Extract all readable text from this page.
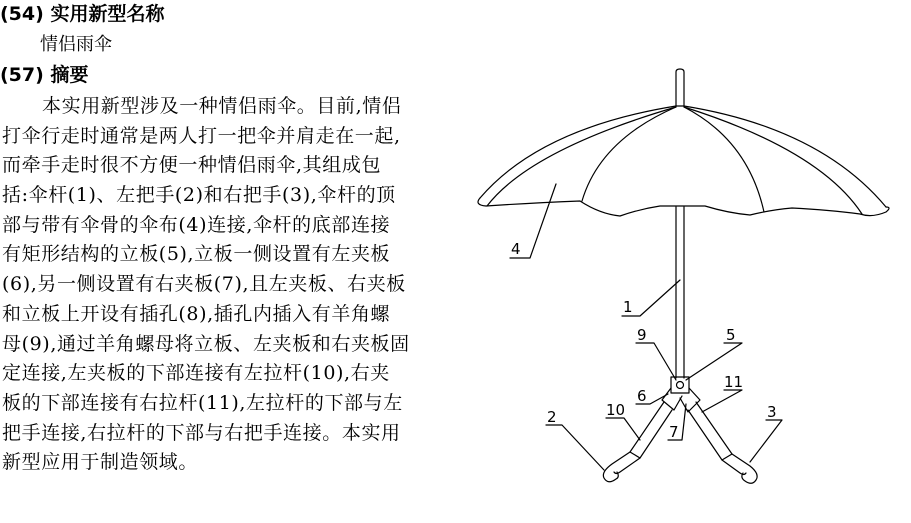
(54) 实用新型名称
情侣雨伞
(57) 摘要
本实用新型涉及一种情侣雨伞。目前,情侣
打伞行走时通常是两人打一把伞并肩走在一起,
而牵手走时很不方便一种情侣雨伞,其组成包
括:伞杆(1)、左把手(2)和右把手(3),伞杆的顶
部与带有伞骨的伞布(4)连接,伞杆的底部连接
有矩形结构的立板(5),立板一侧设置有左夹板
(6),另一侧设置有右夹板(7),且左夹板、右夹板
和立板上开设有插孔(8),插孔内插入有羊角螺
母(9),通过羊角螺母将立板、左夹板和右夹板固
定连接,左夹板的下部连接有左拉杆(10),右夹
板的下部连接有右拉杆(11),左拉杆的下部与左
把手连接,右拉杆的下部与右把手连接。本实用
新型应用于制造领域。
4
1
9	5
6
7
10
11
2	3
